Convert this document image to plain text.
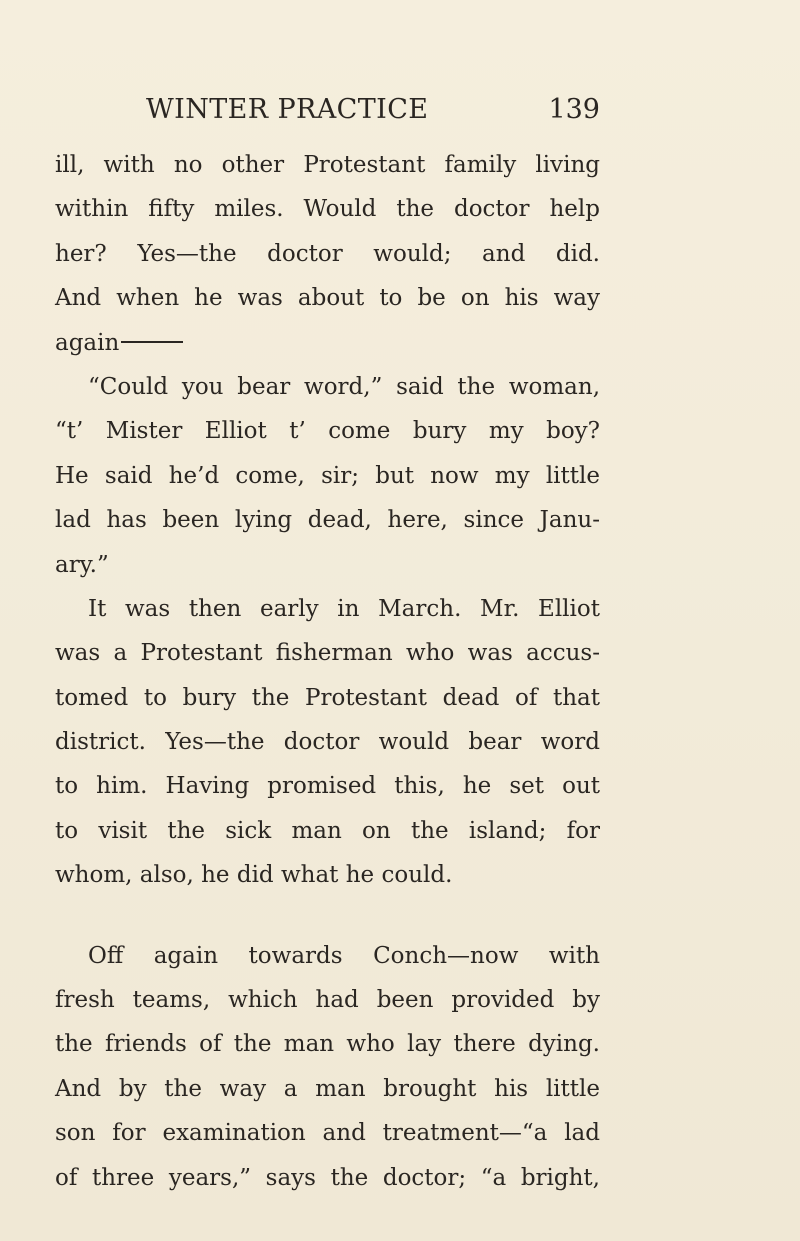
WINTER PRACTICE	139
ill, with no other Protestant family living
within fifty miles. Would the doctor help
her? Yes—the doctor would; and did.
And when he was about to be on his way
again
“Could you bear word,” said the woman,
“t’ Mister Elliot t’ come bury my boy?
He said he’d come, sir; but now my little
lad has been lying dead, here, since Janu-
ary.”
It was then early in March. Mr. Elliot
was a Protestant fisherman who was accus-
tomed to bury the Protestant dead of that
district. Yes—the doctor would bear word
to him. Having promised this, he set out
to visit the sick man on the island; for
whom, also, he did what he could.
Off again towards Conch—now with
fresh teams, which had been provided by
the friends of the man who lay there dying.
And by the way a man brought his little
son for examination and treatment—“a lad
of three years,” says the doctor; “a bright,
